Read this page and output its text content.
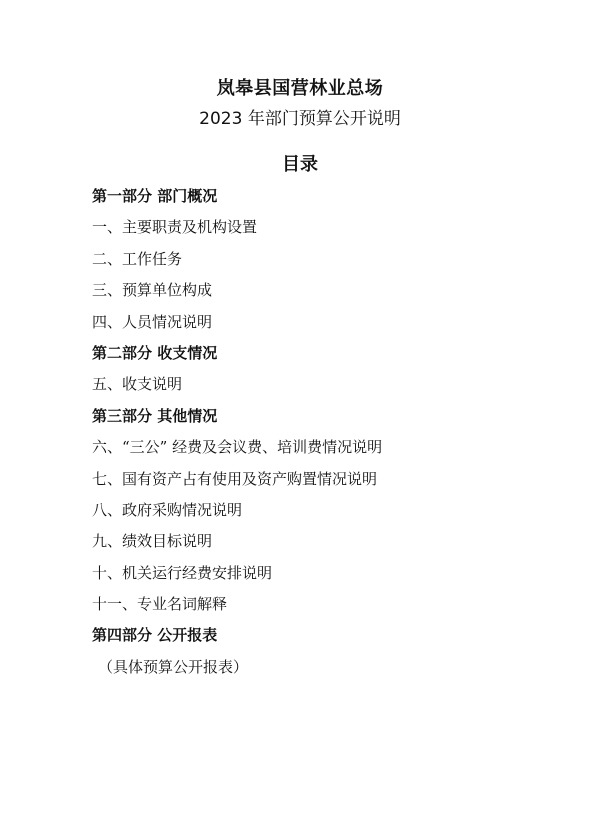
岚皋县国营林业总场
2023 年部门预算公开说明
目录
第一部分 部门概况
一、主要职责及机构设置
二、工作任务
三、预算单位构成
四、人员情况说明
第二部分 收支情况
五、收支说明
第三部分 其他情况
六、“三公” 经费及会议费、培训费情况说明
七、国有资产占有使用及资产购置情况说明
八、政府采购情况说明
九、绩效目标说明
十、机关运行经费安排说明
十一、专业名词解释
第四部分 公开报表
（具体预算公开报表）
